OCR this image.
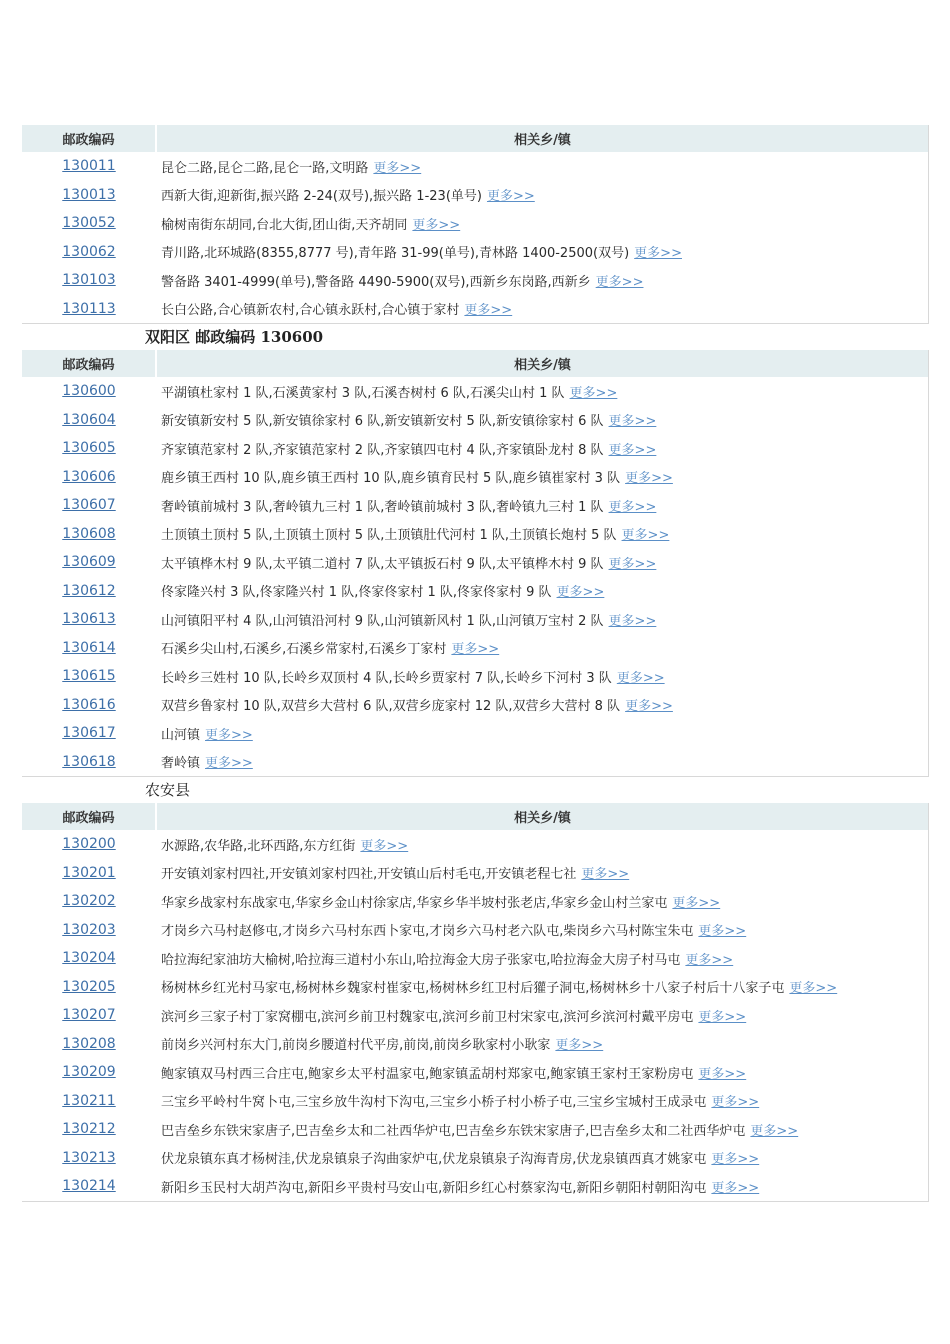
邮政编码	相关乡/镇
130011	昆仑二路,昆仑二路,昆仑一路,文明路 更多>>
130013	西新大街,迎新街,振兴路 2-24(双号),振兴路 1-23(单号) 更多>>
130052	榆树南街东胡同,台北大街,团山街,天齐胡同 更多>>
130062	青川路,北环城路(8355,8777 号),青年路 31-99(单号),青林路 1400-2500(双号) 更多>>
130103	警备路 3401-4999(单号),警备路 4490-5900(双号),西新乡东岗路,西新乡 更多>>
130113	长白公路,合心镇新农村,合心镇永跃村,合心镇于家村 更多>>
双阳区 邮政编码 130600
邮政编码	相关乡/镇
130600	平湖镇杜家村 1 队,石溪黄家村 3 队,石溪杏树村 6 队,石溪尖山村 1 队 更多>>
130604	新安镇新安村 5 队,新安镇徐家村 6 队,新安镇新安村 5 队,新安镇徐家村 6 队 更多>>
130605	齐家镇范家村 2 队,齐家镇范家村 2 队,齐家镇四屯村 4 队,齐家镇卧龙村 8 队 更多>>
130606	鹿乡镇王西村 10 队,鹿乡镇王西村 10 队,鹿乡镇育民村 5 队,鹿乡镇崔家村 3 队 更多>>
130607	奢岭镇前城村 3 队,奢岭镇九三村 1 队,奢岭镇前城村 3 队,奢岭镇九三村 1 队 更多>>
130608	土顶镇土顶村 5 队,土顶镇土顶村 5 队,土顶镇肚代河村 1 队,土顶镇长炮村 5 队 更多>>
130609	太平镇桦木村 9 队,太平镇二道村 7 队,太平镇扳石村 9 队,太平镇桦木村 9 队 更多>>
130612	佟家隆兴村 3 队,佟家隆兴村 1 队,佟家佟家村 1 队,佟家佟家村 9 队 更多>>
130613	山河镇阳平村 4 队,山河镇沿河村 9 队,山河镇新风村 1 队,山河镇万宝村 2 队 更多>>
130614	石溪乡尖山村,石溪乡,石溪乡常家村,石溪乡丁家村 更多>>
130615	长岭乡三姓村 10 队,长岭乡双顶村 4 队,长岭乡贾家村 7 队,长岭乡下河村 3 队 更多>>
130616	双营乡鲁家村 10 队,双营乡大营村 6 队,双营乡庞家村 12 队,双营乡大营村 8 队 更多>>
130617	山河镇 更多>>
130618	奢岭镇 更多>>
农安县
邮政编码	相关乡/镇
130200	水源路,农华路,北环西路,东方红街 更多>>
130201	开安镇刘家村四社,开安镇刘家村四社,开安镇山后村毛屯,开安镇老程七社 更多>>
130202	华家乡战家村东战家屯,华家乡金山村徐家店,华家乡华半坡村张老店,华家乡金山村兰家屯 更多>>
130203	才岗乡六马村赵修屯,才岗乡六马村东西卜家屯,才岗乡六马村老六队屯,柴岗乡六马村陈宝朱屯 更多>>
130204	哈拉海纪家油坊大榆树,哈拉海三道村小东山,哈拉海金大房子张家屯,哈拉海金大房子村马屯 更多>>
130205	杨树林乡红光村马家屯,杨树林乡魏家村崔家屯,杨树林乡红卫村后獾子洞屯,杨树林乡十八家子村后十八家子屯 更多>>
130207	滨河乡三家子村丁家窝棚屯,滨河乡前卫村魏家屯,滨河乡前卫村宋家屯,滨河乡滨河村戴平房屯 更多>>
130208	前岗乡兴河村东大门,前岗乡腰道村代平房,前岗,前岗乡耿家村小耿家 更多>>
130209	鲍家镇双马村西三合庄屯,鲍家乡太平村温家屯,鲍家镇孟胡村郑家屯,鲍家镇王家村王家粉房屯 更多>>
130211	三宝乡平岭村牛窝卜屯,三宝乡放牛沟村下沟屯,三宝乡小桥子村小桥子屯,三宝乡宝城村王成录屯 更多>>
130212	巴吉垒乡东铁宋家唐子,巴吉垒乡太和二社西华炉屯,巴吉垒乡东铁宋家唐子,巴吉垒乡太和二社西华炉屯 更多>>
130213	伏龙泉镇东真才杨树洼,伏龙泉镇泉子沟曲家炉屯,伏龙泉镇泉子沟海青房,伏龙泉镇西真才姚家屯 更多>>
130214	新阳乡玉民村大胡芦沟屯,新阳乡平贵村马安山屯,新阳乡红心村蔡家沟屯,新阳乡朝阳村朝阳沟屯 更多>>
